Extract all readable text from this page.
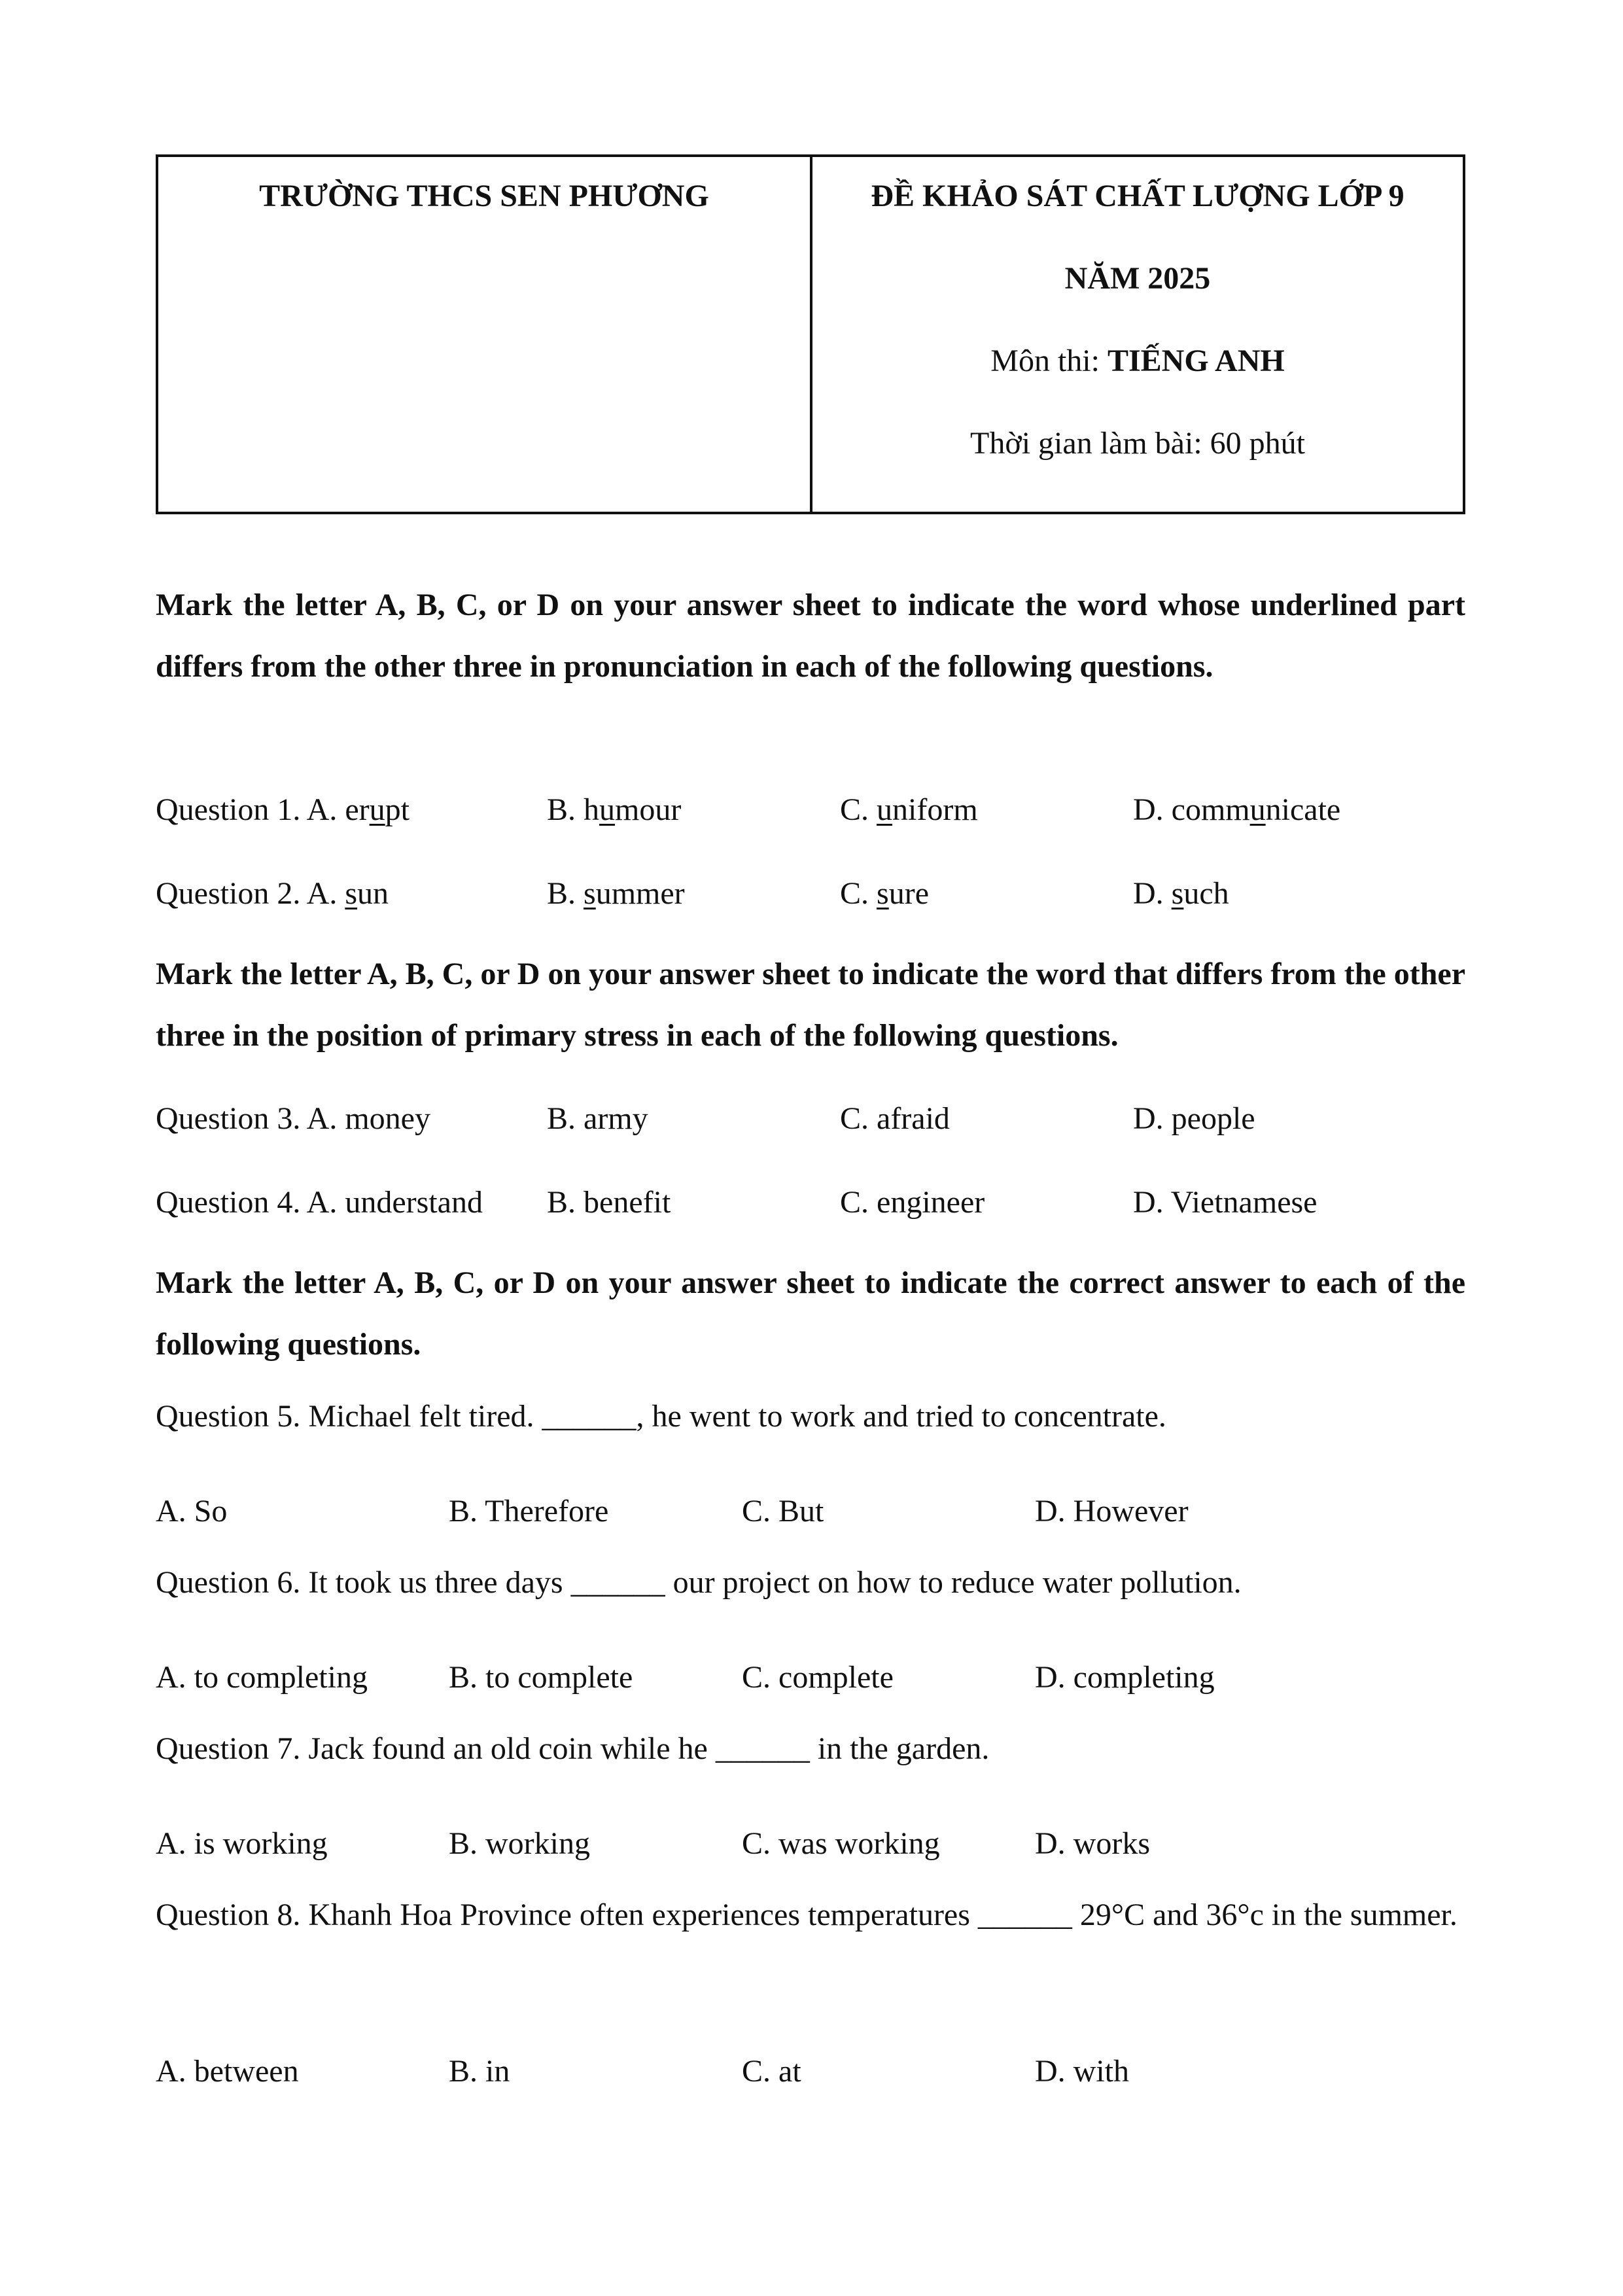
TRƯỜNG THCS SEN PHƯƠNG	ĐỀ KHẢO SÁT CHẤT LƯỢNG LỚP 9
NĂM 2025
Môn thi: TIẾNG ANH
Thời gian làm bài: 60 phút
Mark the letter A, B, C, or D on your answer sheet to indicate the word whose underlined part differs from the other three in pronunciation in each of the following questions.
Question 1. A. erupt	B. humour	C. uniform	D. communicate
Question 2. A. sun	B. summer	C. sure	D. such
Mark the letter A, B, C, or D on your answer sheet to indicate the word that differs from the other three in the position of primary stress in each of the following questions.
Question 3. A. money	B. army	C. afraid	D. people
Question 4. A. understand B. benefit	C. engineer	D. Vietnamese
Mark the letter A, B, C, or D on your answer sheet to indicate the correct answer to each of the following questions.
Question 5. Michael felt tired. ______, he went to work and tried to concentrate.
A. So	B. Therefore	C. But	D. However
Question 6. It took us three days ______ our project on how to reduce water pollution.
A. to completing	B. to complete	C. complete	D. completing
Question 7. Jack found an old coin while he ______ in the garden.
A. is working	B. working	C. was working	D. works
Question 8. Khanh Hoa Province often experiences temperatures ______ 29°C and 36°c in the summer.
A. between	B. in	C. at	D. with
